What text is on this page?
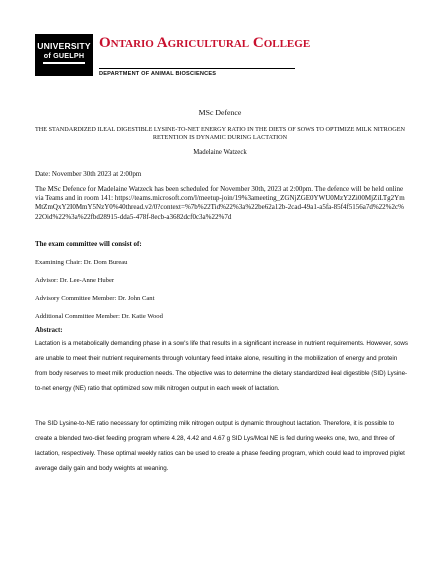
UNIVERSITY
of GUELPH
Ontario Agricultural College
DEPARTMENT OF ANIMAL BIOSCIENCES
MSc Defence
THE STANDARDIZED ILEAL DIGESTIBLE LYSINE-TO-NET ENERGY RATIO IN THE DIETS OF SOWS TO OPTIMIZE MILK NITROGEN RETENTION IS DYNAMIC DURING LACTATION
Madelaine Watzeck
Date: November 30th 2023 at 2:00pm
The MSc Defence for Madelaine Watzeck has been scheduled for November 30th, 2023 at 2:00pm. The defence will be held online via Teams and in room 141: https://teams.microsoft.com/l/meetup-join/19%3ameeting_ZGNjZGE0YWU0MzY2Zi00MjZiLTg2YmMtZmQxY2I0MmY5NzY0%40thread.v2/0?context=%7b%22Tid%22%3a%22be62a12b-2cad-49a1-a5fa-85f4f5156a7d%22%2c%22Oid%22%3a%22fbd28915-dda5-478f-8ecb-a3682dcf0c3a%22%7d
The exam committee will consist of:
Examining Chair: Dr. Dom Bureau
Advisor: Dr. Lee-Anne Huber
Advisory Committee Member: Dr. John Cant
Additional Committee Member: Dr. Katie Wood
Abstract:
Lactation is a metabolically demanding phase in a sow's life that results in a significant increase in nutrient requirements. However, sows are unable to meet their nutrient requirements through voluntary feed intake alone, resulting in the mobilization of energy and protein from body reserves to meet milk production needs. The objective was to determine the dietary standardized ileal digestible (SID) Lysine-to-net energy (NE) ratio that optimized sow milk nitrogen output in each week of lactation.
The SID Lysine-to-NE ratio necessary for optimizing milk nitrogen output is dynamic throughout lactation. Therefore, it is possible to create a blended two-diet feeding program where 4.28, 4.42 and 4.67 g SID Lys/Mcal NE is fed during weeks one, two, and three of lactation, respectively. These optimal weekly ratios can be used to create a phase feeding program, which could lead to improved piglet average daily gain and body weights at weaning.
